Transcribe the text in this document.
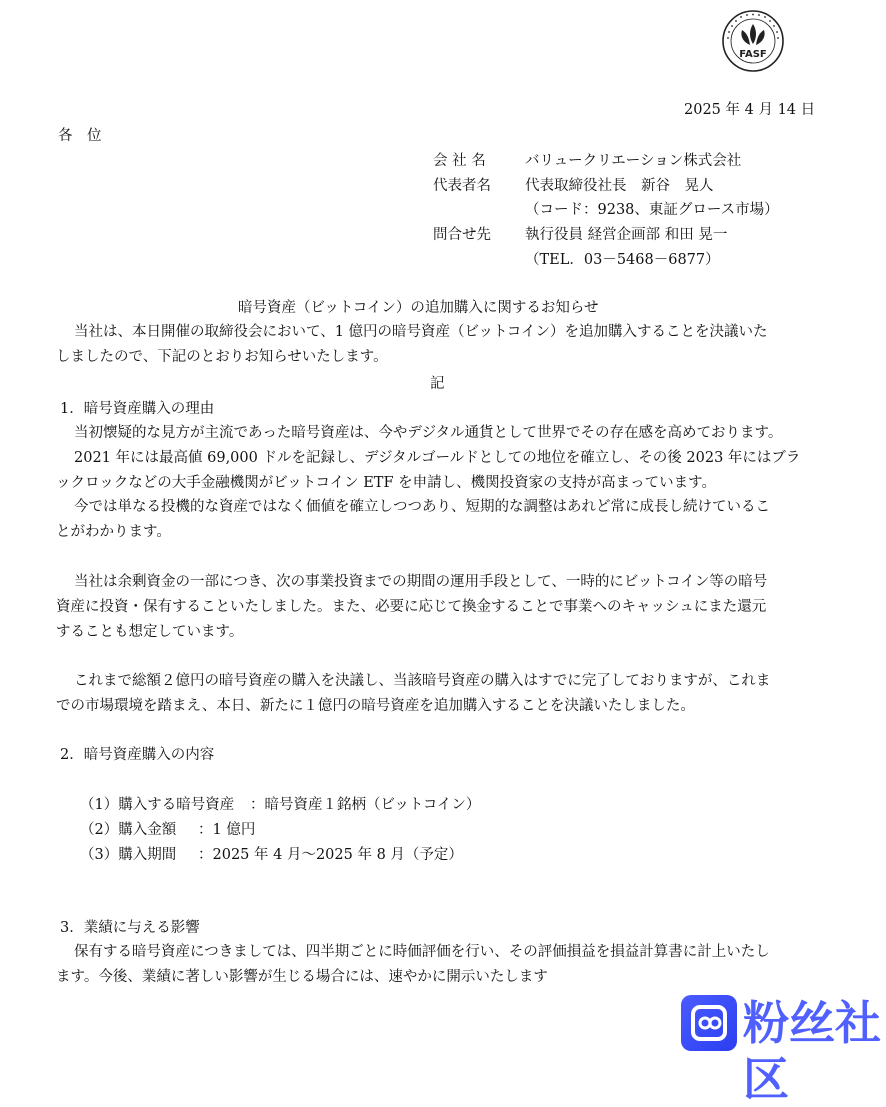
FASF
2025 年 4 月 14 日
各　位
会 社 名	バリュークリエーション株式会社
代表者名 代表取締役社長　新谷　晃人
（コード：9238、東証グロース市場）
問合せ先 執行役員 経営企画部 和田 晃一
（TEL．03－5468－6877）
暗号資産（ビットコイン）の追加購入に関するお知らせ

当社は、本日開催の取締役会において、1 億円の暗号資産（ビットコイン）を追加購入することを決議いた

しましたので、下記のとおりお知らせいたします。

記
1．暗号資産購入の理由

当初懐疑的な見方が主流であった暗号資産は、今やデジタル通貨として世界でその存在感を高めております。

2021 年には最高値 69,000 ドルを記録し、デジタルゴールドとしての地位を確立し、その後 2023 年にはブラ

ックロックなどの大手金融機関がビットコイン ETF を申請し、機関投資家の支持が高まっています。

今では単なる投機的な資産ではなく価値を確立しつつあり、短期的な調整はあれど常に成長し続けているこ

とがわかります。

当社は余剰資金の一部につき、次の事業投資までの期間の運用手段として、一時的にビットコイン等の暗号

資産に投資・保有することいたしました。また、必要に応じて換金することで事業へのキャッシュにまた還元

することも想定しています。

これまで総額２億円の暗号資産の購入を決議し、当該暗号資産の購入はすでに完了しておりますが、これま

での市場環境を踏まえ、本日、新たに１億円の暗号資産を追加購入することを決議いたしました。

2．暗号資産購入の内容
（1）購入する暗号資産 ：暗号資産１銘柄（ビットコイン）
（2）購入金額 ：1 億円
（3）購入期間 ：2025 年 4 月～2025 年 8 月（予定）
3．業績に与える影響

保有する暗号資産につきましては、四半期ごとに時価評価を行い、その評価損益を損益計算書に計上いたし

ます。今後、業績に著しい影響が生じる場合には、速やかに開示いたします

粉丝社区
